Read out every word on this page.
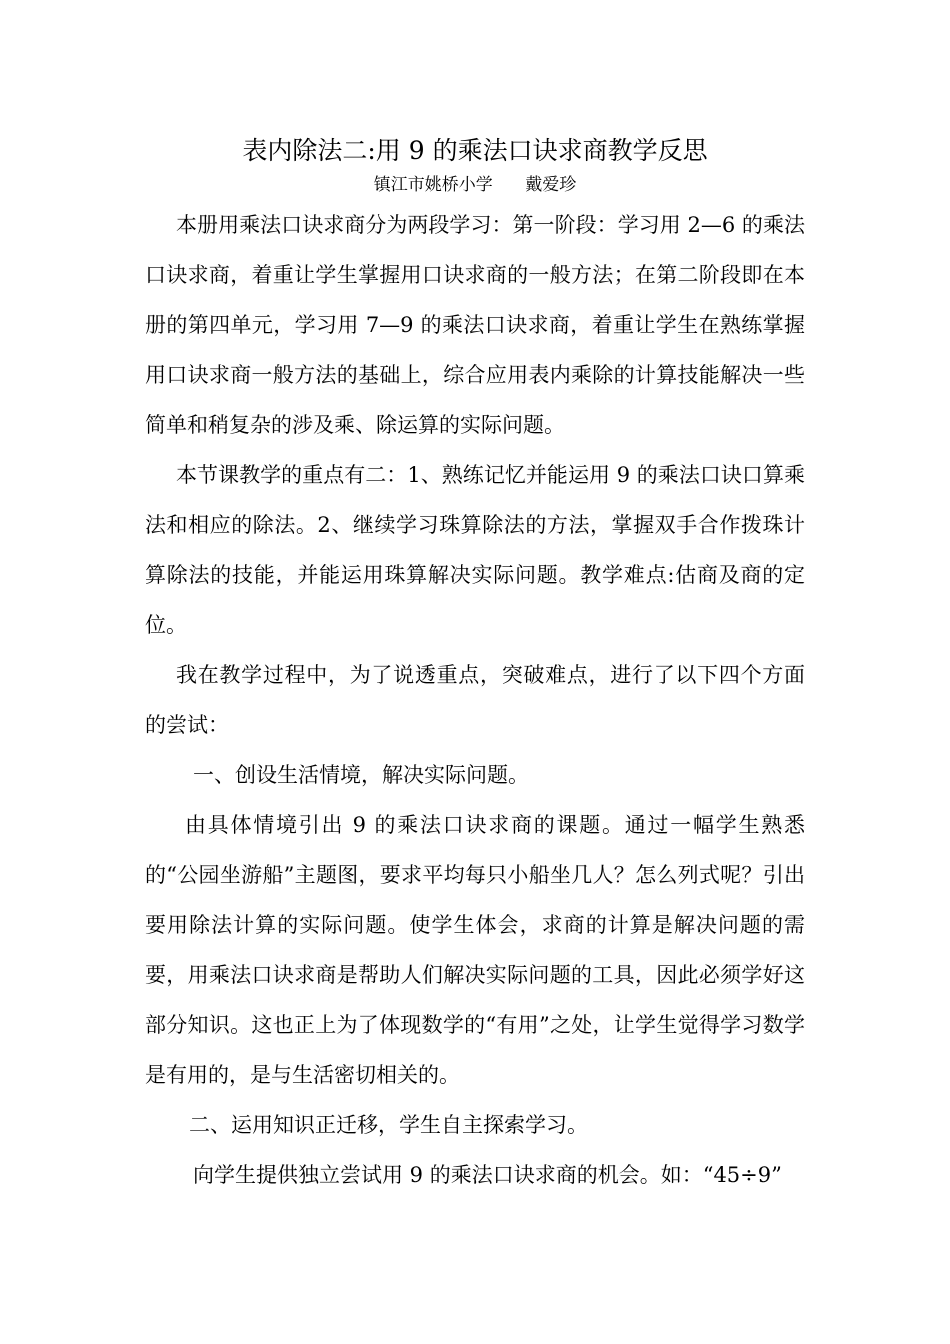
表内除法二:用 9 的乘法口诀求商教学反思

镇江市姚桥小学      戴爱珍

本册用乘法口诀求商分为两段学习：第一阶段：学习用 2—6 的乘法口诀求商，着重让学生掌握用口诀求商的一般方法；在第二阶段即在本册的第四单元，学习用 7—9 的乘法口诀求商，着重让学生在熟练掌握用口诀求商一般方法的基础上，综合应用表内乘除的计算技能解决一些简单和稍复杂的涉及乘、除运算的实际问题。

本节课教学的重点有二：1、熟练记忆并能运用 9 的乘法口诀口算乘法和相应的除法。2、继续学习珠算除法的方法，掌握双手合作拨珠计算除法的技能，并能运用珠算解决实际问题。教学难点:估商及商的定位。

我在教学过程中，为了说透重点，突破难点，进行了以下四个方面的尝试：

一、创设生活情境，解决实际问题。

由具体情境引出 9 的乘法口诀求商的课题。通过一幅学生熟悉的“公园坐游船”主题图，要求平均每只小船坐几人？怎么列式呢？引出要用除法计算的实际问题。使学生体会，求商的计算是解决问题的需要，用乘法口诀求商是帮助人们解决实际问题的工具，因此必须学好这部分知识。这也正上为了体现数学的“有用”之处，让学生觉得学习数学是有用的，是与生活密切相关的。

二、运用知识正迁移，学生自主探索学习。

向学生提供独立尝试用 9 的乘法口诀求商的机会。如：“45÷9”
